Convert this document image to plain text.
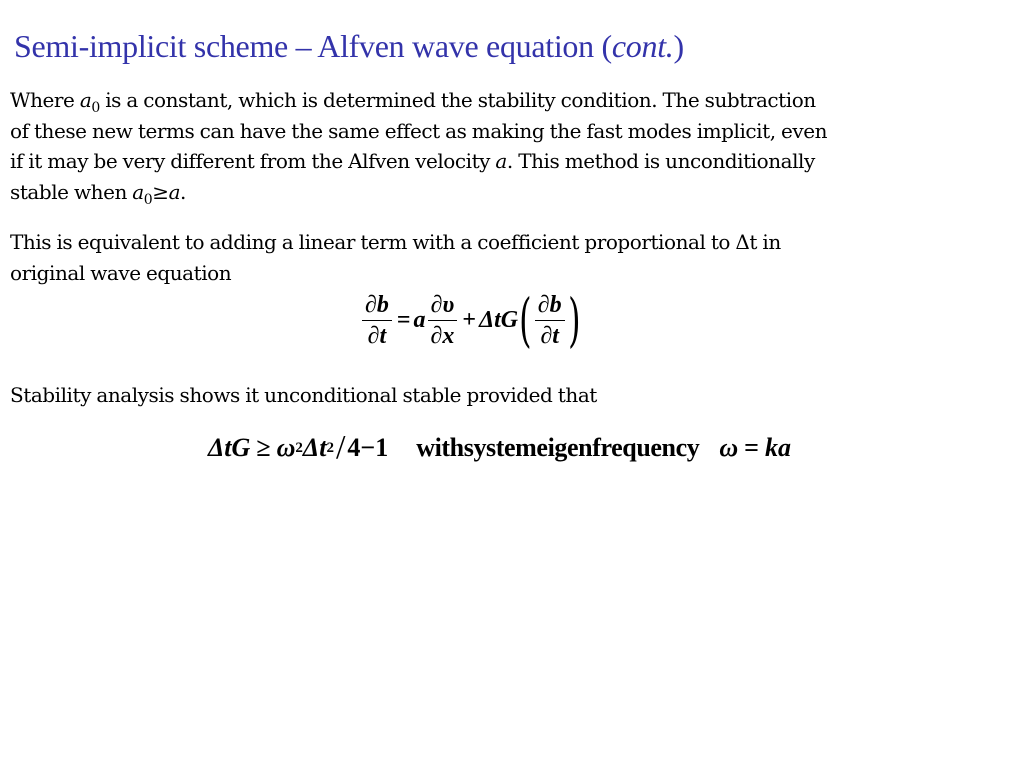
Semi-implicit scheme – Alfven wave equation (cont.)

Where $a_0$ is a constant, which is determined the stability condition. The subtraction
of these new terms can have the same effect as making the fast modes implicit, even
if it may be very different from the Alfven velocity a. This method is unconditionally
stable when $a_0\ge a$.

This is equivalent to adding a linear term with a coefficient proportional to Δt in
original wave equation

$\frac{\partial b}{\partial t} = a \frac{\partial\upsilon}{\partial x} + \Delta tG$ ( $\frac{\partial b}{\partial t}$ )

Stability analysis shows it unconditional stable provided that

ΔtG ≥ ω 2 Δt 2 / 4−1 withsystemeigenfrequency ω = ka
